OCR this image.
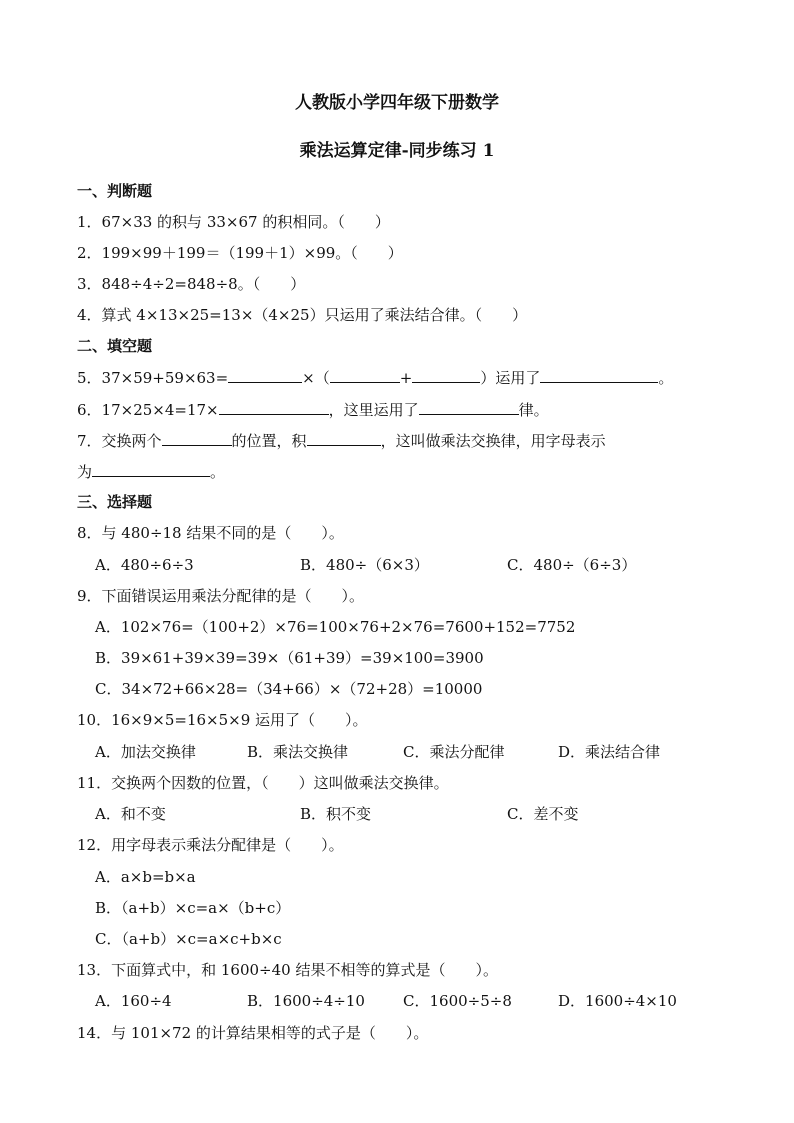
人教版小学四年级下册数学
乘法运算定律-同步练习 1
一、判断题
1．67×33 的积与 33×67 的积相同。（　　）
2．199×99＋199＝（199＋1）×99。（　　）
3．848÷4÷2=848÷8。（　　）
4．算式 4×13×25=13×（4×25）只运用了乘法结合律。（　　）
二、填空题
5．37×59+59×63=	×（	+	）运用了	。
6．17×25×4=17×	，这里运用了	律。
7．交换两个	的位置，积	，这叫做乘法交换律，用字母表示
为	。
三、选择题
8．与 480÷18 结果不同的是（　　）。
A．480÷6÷3	B．480÷（6×3）	C．480÷（6÷3）
9．下面错误运用乘法分配律的是（　　）。
A．102×76=（100+2）×76=100×76+2×76=7600+152=7752
B．39×61+39×39=39×（61+39）=39×100=3900
C．34×72+66×28=（34+66）×（72+28）=10000
10．16×9×5=16×5×9 运用了（　　）。
A．加法交换律	B．乘法交换律	C．乘法分配律	D．乘法结合律
11．交换两个因数的位置，（　　）这叫做乘法交换律。
A．和不变	B．积不变	C．差不变
12．用字母表示乘法分配律是（　　）。
A．a×b=b×a
B．（a+b）×c=a×（b+c）
C．（a+b）×c=a×c+b×c
13．下面算式中，和 1600÷40 结果不相等的算式是（　　）。
A．160÷4	B．1600÷4÷10	C．1600÷5÷8	D．1600÷4×10
14．与 101×72 的计算结果相等的式子是（　　）。
